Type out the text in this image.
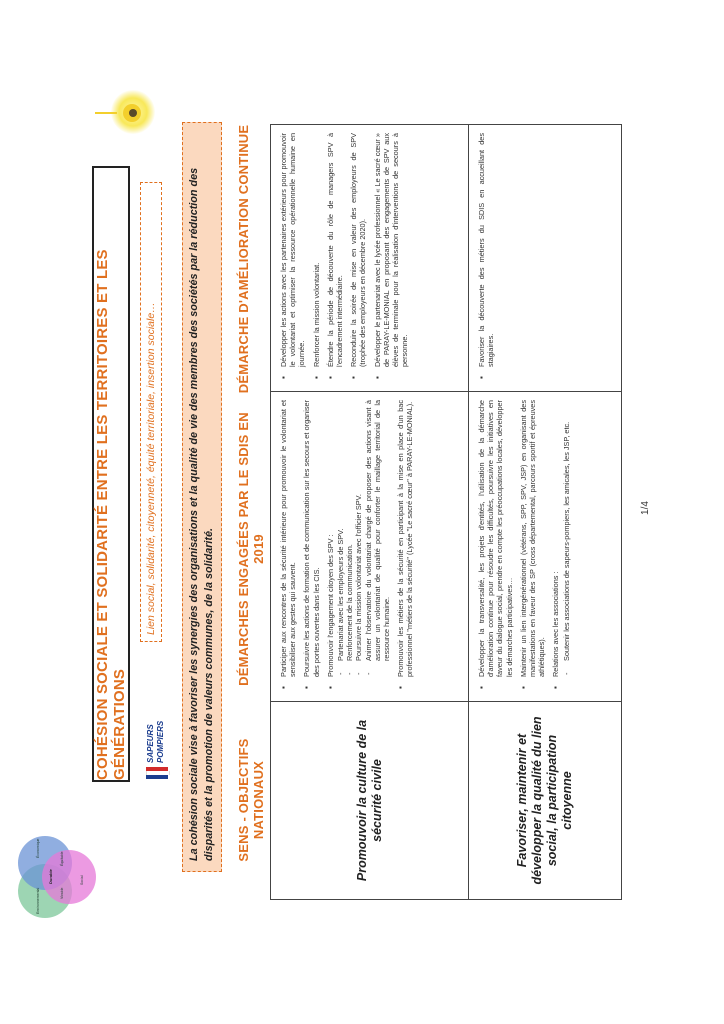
Environnemental
Économique
Social
Vivable
Équitable
Durable
COHÉSION SOCIALE ET SOLIDARITÉ ENTRE LES TERRITOIRES ET LES GÉNÉRATIONS SAPEURS POMPIERS
Lien social, solidarité, citoyenneté, équité territoriale, insertion sociale…	La cohésion sociale vise à favoriser les synergies des organisations et la qualité de vie des membres des sociétés par la réduction des disparités et la promotion de valeurs communes, de la solidarité. SENS - OBJECTIFS NATIONAUX
DÉMARCHES ENGAGÉES PAR LE SDIS EN 2019
DÉMARCHE D'AMÉLIORATION CONTINUE
Promouvoir la culture de la sécurité civile
▪ Participer aux rencontres de la sécurité intérieure pour promouvoir le volontariat et sensibiliser aux gestes qui sauvent. ▪ Poursuivre les actions de formation et de communication sur les secours et organiser des portes ouvertes dans les CIS. ▪ Promouvoir l'engagement citoyen des SPV : - Partenariat avec les employeurs de SPV. - Renforcement de la communication. - Poursuivre la mission volontariat avec l'officier SPV. - Animer l'observatoire du volontariat chargé de proposer des actions visant à assurer un volontariat de qualité pour conforter le maillage territorial de la ressource humaine. ▪ Promouvoir les métiers de la sécurité en participant à la mise en place d'un bac professionnel "métiers de la sécurité" (Lycée "Le sacré cœur" à PARAY-LE-MONIAL).
▪ Développer les actions avec les partenaires extérieurs pour promouvoir le volontariat et optimiser la ressource opérationnelle humaine en journée. ▪ Renforcer la mission volontariat. ▪ Étendre la période de découverte du rôle de managers SPV à l'encadrement intermédiaire. ▪ Reconduire la soirée de mise en valeur des employeurs de SPV (trophée des employeurs en décembre 2020). ▪ Développer le partenariat avec le lycée professionnel « Le sacré cœur » de PARAY-LE-MONIAL en proposant des engagements de SPV aux élèves de terminale pour la réalisation d'interventions de secours à personne.
Favoriser, maintenir et développer la qualité du lien social, la participation citoyenne
▪ Développer la transversalité, les projets d'entités, l'utilisation de la démarche d'amélioration continue pour résoudre les difficultés, poursuivre les initiatives en faveur du dialogue social, prendre en compte les préoccupations locales, développer les démarches participatives… ▪ Maintenir un lien intergénérationnel (vétérans, SPP, SPV, JSP) en organisant des manifestations en faveur des SP (cross départemental, parcours sportif et épreuves athlétiques). ▪ Relations avec les associations : - Soutenir les associations de sapeurs-pompiers, les amicales, les JSP, etc.
▪ Favoriser la découverte des métiers du SDIS en accueillant des stagiaires.
1/4
